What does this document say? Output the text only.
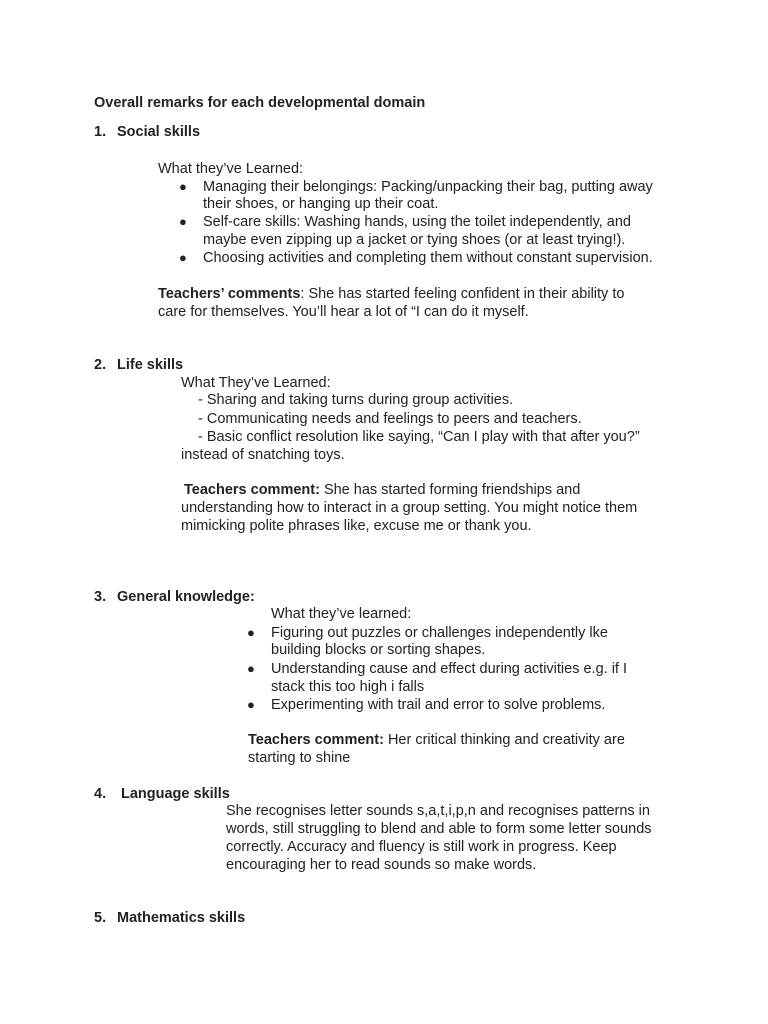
Overall remarks for each developmental domain
1. Social skills
What they’ve Learned:
● Managing their belongings: Packing/unpacking their bag, putting away
their shoes, or hanging up their coat.
● Self-care skills: Washing hands, using the toilet independently, and
maybe even zipping up a jacket or tying shoes (or at least trying!).
● Choosing activities and completing them without constant supervision.
Teachers’ comments: She has started feeling confident in their ability to
care for themselves. You’ll hear a lot of “I can do it myself.
2. Life skills
What They’ve Learned:
- Sharing and taking turns during group activities.
- Communicating needs and feelings to peers and teachers.
- Basic conflict resolution like saying, “Can I play with that after you?”
instead of snatching toys.
Teachers comment: She has started forming friendships and
understanding how to interact in a group setting. You might notice them
mimicking polite phrases like, excuse me or thank you.
3. General knowledge:
What they’ve learned:
● Figuring out puzzles or challenges independently lke
building blocks or sorting shapes.
● Understanding cause and effect during activities e.g. if I
stack this too high i falls
● Experimenting with trail and error to solve problems.
Teachers comment: Her critical thinking and creativity are
starting to shine
4. Language skills
She recognises letter sounds s,a,t,i,p,n and recognises patterns in
words, still struggling to blend and able to form some letter sounds
correctly. Accuracy and fluency is still work in progress. Keep
encouraging her to read sounds so make words.
5. Mathematics skills
